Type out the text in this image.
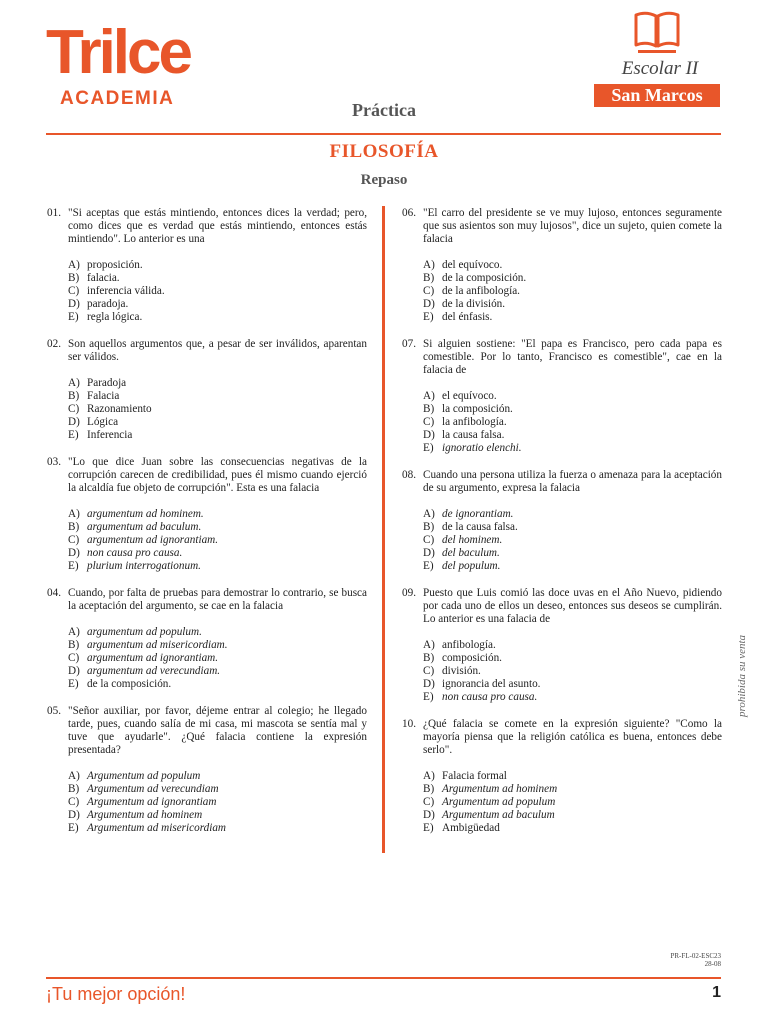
Trilce
ACADEMIA
Escolar II
San Marcos
Práctica
FILOSOFÍA
Repaso
01. "Si aceptas que estás mintiendo, entonces dices la verdad; pero, como dices que es verdad que estás mintiendo, entonces estás mintiendo". Lo anterior es una
A) proposición.
B) falacia.
C) inferencia válida.
D) paradoja.
E) regla lógica.
02. Son aquellos argumentos que, a pesar de ser inválidos, aparentan ser válidos.
A) Paradoja
B) Falacia
C) Razonamiento
D) Lógica
E) Inferencia
03. "Lo que dice Juan sobre las consecuencias negativas de la corrupción carecen de credibilidad, pues él mismo cuando ejerció la alcaldía fue objeto de corrupción". Esta es una falacia
A) argumentum ad hominem.
B) argumentum ad baculum.
C) argumentum ad ignorantiam.
D) non causa pro causa.
E) plurium interrogationum.
04. Cuando, por falta de pruebas para demostrar lo contrario, se busca la aceptación del argumento, se cae en la falacia
A) argumentum ad populum.
B) argumentum ad misericordiam.
C) argumentum ad ignorantiam.
D) argumentum ad verecundiam.
E) de la composición.
05. "Señor auxiliar, por favor, déjeme entrar al colegio; he llegado tarde, pues, cuando salía de mi casa, mi mascota se sentía mal y tuve que ayudarle". ¿Qué falacia contiene la expresión presentada?
A) Argumentum ad populum
B) Argumentum ad verecundiam
C) Argumentum ad ignorantiam
D) Argumentum ad hominem
E) Argumentum ad misericordiam
06. "El carro del presidente se ve muy lujoso, entonces seguramente que sus asientos son muy lujosos", dice un sujeto, quien comete la falacia
A) del equívoco.
B) de la composición.
C) de la anfibología.
D) de la división.
E) del énfasis.
07. Si alguien sostiene: "El papa es Francisco, pero cada papa es comestible. Por lo tanto, Francisco es comestible", cae en la falacia de
A) el equívoco.
B) la composición.
C) la anfibología.
D) la causa falsa.
E) ignoratio elenchi.
08. Cuando una persona utiliza la fuerza o amenaza para la aceptación de su argumento, expresa la falacia
A) de ignorantiam.
B) de la causa falsa.
C) del hominem.
D) del baculum.
E) del populum.
09. Puesto que Luis comió las doce uvas en el Año Nuevo, pidiendo por cada uno de ellos un deseo, entonces sus deseos se cumplirán. Lo anterior es una falacia de
A) anfibología.
B) composición.
C) división.
D) ignorancia del asunto.
E) non causa pro causa.
10. ¿Qué falacia se comete en la expresión siguiente? "Como la mayoría piensa que la religión católica es buena, entonces debe serlo".
A) Falacia formal
B) Argumentum ad hominem
C) Argumentum ad populum
D) Argumentum ad baculum
E) Ambigüedad
prohibida su venta
PR-FL-02-ESC23
28-08
¡Tu mejor opción!	1
